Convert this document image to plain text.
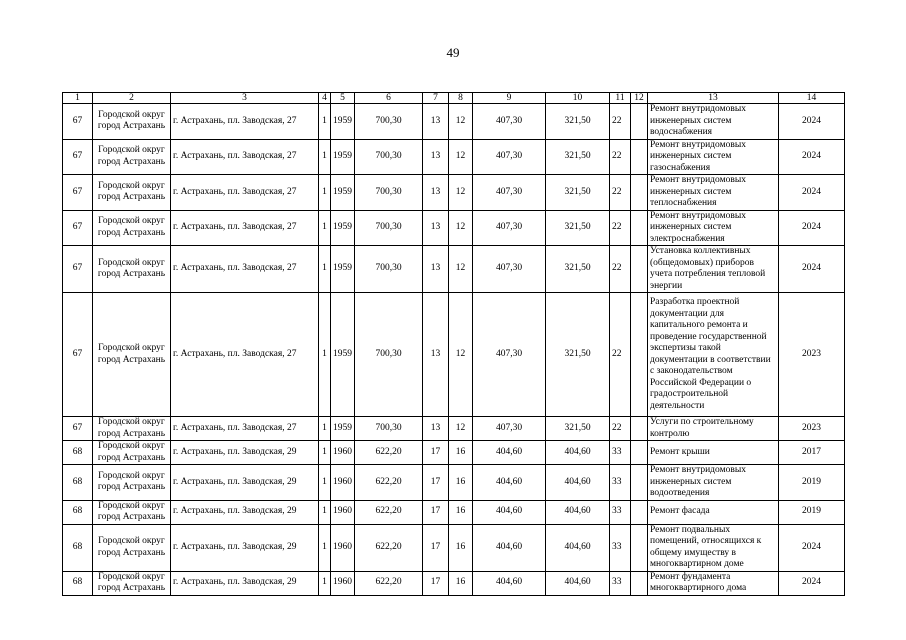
49
1	2	3	4	5	6	7	8	9	10	11	12	13	14
67	Городской округ город Астрахань	г. Астрахань, пл. Заводская, 27	1	1959	700,30	13	12	407,30	321,50	22		Ремонт внутридомовых инженерных систем водоснабжения	2024
67	Городской округ город Астрахань	г. Астрахань, пл. Заводская, 27	1	1959	700,30	13	12	407,30	321,50	22		Ремонт внутридомовых инженерных систем газоснабжения	2024
67	Городской округ город Астрахань	г. Астрахань, пл. Заводская, 27	1	1959	700,30	13	12	407,30	321,50	22		Ремонт внутридомовых инженерных систем теплоснабжения	2024
67	Городской округ город Астрахань	г. Астрахань, пл. Заводская, 27	1	1959	700,30	13	12	407,30	321,50	22		Ремонт внутридомовых инженерных систем электроснабжения	2024
67	Городской округ город Астрахань	г. Астрахань, пл. Заводская, 27	1	1959	700,30	13	12	407,30	321,50	22		Установка коллективных (общедомовых) приборов учета потребления тепловой энергии	2024
67	Городской округ город Астрахань	г. Астрахань, пл. Заводская, 27	1	1959	700,30	13	12	407,30	321,50	22		Разработка проектной документации для капитального ремонта и проведение государственной экспертизы такой документации в соответствии с законодательством Российской Федерации о градостроительной деятельности	2023
67	Городской округ город Астрахань	г. Астрахань, пл. Заводская, 27	1	1959	700,30	13	12	407,30	321,50	22		Услуги по строительному контролю	2023
68	Городской округ город Астрахань	г. Астрахань, пл. Заводская, 29	1	1960	622,20	17	16	404,60	404,60	33		Ремонт крыши	2017
68	Городской округ город Астрахань	г. Астрахань, пл. Заводская, 29	1	1960	622,20	17	16	404,60	404,60	33		Ремонт внутридомовых инженерных систем водоотведения	2019
68	Городской округ город Астрахань	г. Астрахань, пл. Заводская, 29	1	1960	622,20	17	16	404,60	404,60	33		Ремонт фасада	2019
68	Городской округ город Астрахань	г. Астрахань, пл. Заводская, 29	1	1960	622,20	17	16	404,60	404,60	33		Ремонт подвальных помещений, относящихся к общему имуществу в многоквартирном доме	2024
68	Городской округ город Астрахань	г. Астрахань, пл. Заводская, 29	1	1960	622,20	17	16	404,60	404,60	33		Ремонт фундамента многоквартирного дома	2024
